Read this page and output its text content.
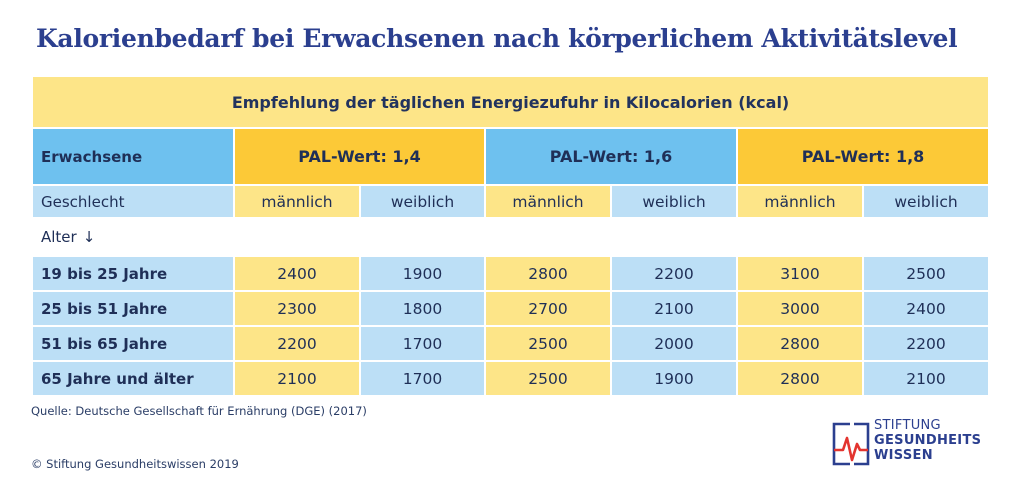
Kalorienbedarf bei Erwachsenen nach körperlichem Aktivitätslevel
Empfehlung der täglichen Energiezufuhr in Kilocalorien (kcal)						
Erwachsene	PAL-Wert: 1,4		PAL-Wert: 1,6		PAL-Wert: 1,8	
Geschlecht	männlich	weiblich	männlich	weiblich	männlich	weiblich
Alter ↓						
19 bis 25 Jahre	2400	1900	2800	2200	3100	2500
25 bis 51 Jahre	2300	1800	2700	2100	3000	2400
51 bis 65 Jahre	2200	1700	2500	2000	2800	2200
65 Jahre und älter	2100	1700	2500	1900	2800	2100
Quelle: Deutsche Gesellschaft für Ernährung (DGE) (2017)
© Stiftung Gesundheitswissen 2019
STIFTUNG
GESUNDHEITS
WISSEN
